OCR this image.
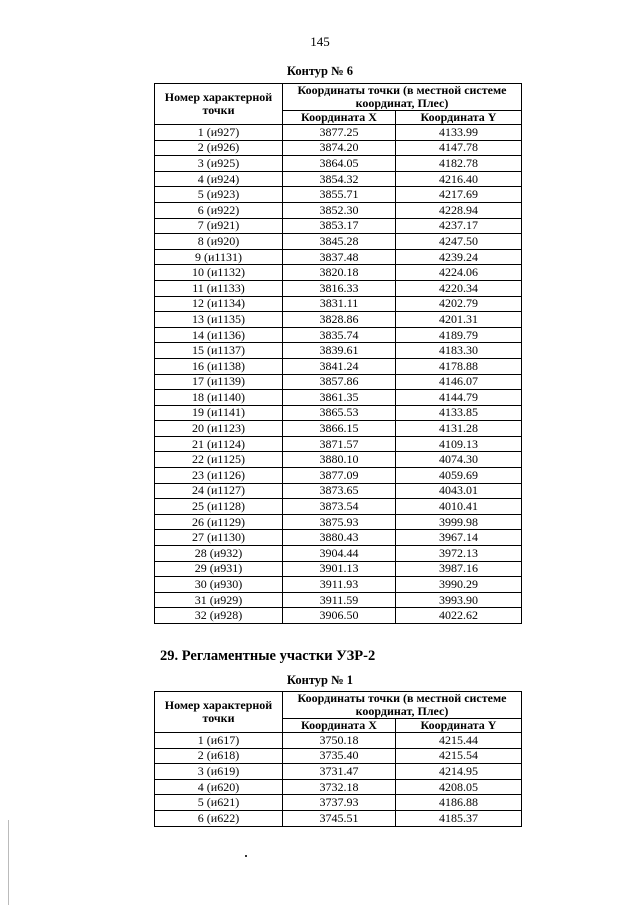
145
Контур № 6
Номер характерной точки	Координаты точки (в местной системе координат, Плес)	
	Координата X	Координата Y
1 (и927)	3877.25	4133.99
2 (и926)	3874.20	4147.78
3 (и925)	3864.05	4182.78
4 (и924)	3854.32	4216.40
5 (и923)	3855.71	4217.69
6 (и922)	3852.30	4228.94
7 (и921)	3853.17	4237.17
8 (и920)	3845.28	4247.50
9 (и1131)	3837.48	4239.24
10 (и1132)	3820.18	4224.06
11 (и1133)	3816.33	4220.34
12 (и1134)	3831.11	4202.79
13 (и1135)	3828.86	4201.31
14 (и1136)	3835.74	4189.79
15 (и1137)	3839.61	4183.30
16 (и1138)	3841.24	4178.88
17 (и1139)	3857.86	4146.07
18 (и1140)	3861.35	4144.79
19 (и1141)	3865.53	4133.85
20 (и1123)	3866.15	4131.28
21 (и1124)	3871.57	4109.13
22 (и1125)	3880.10	4074.30
23 (и1126)	3877.09	4059.69
24 (и1127)	3873.65	4043.01
25 (и1128)	3873.54	4010.41
26 (и1129)	3875.93	3999.98
27 (и1130)	3880.43	3967.14
28 (и932)	3904.44	3972.13
29 (и931)	3901.13	3987.16
30 (и930)	3911.93	3990.29
31 (и929)	3911.59	3993.90
32 (и928)	3906.50	4022.62
29. Регламентные участки УЗР-2
Контур № 1
Номер характерной точки	Координаты точки (в местной системе координат, Плес)	
	Координата X	Координата Y
1 (и617)	3750.18	4215.44
2 (и618)	3735.40	4215.54
3 (и619)	3731.47	4214.95
4 (и620)	3732.18	4208.05
5 (и621)	3737.93	4186.88
6 (и622)	3745.51	4185.37
